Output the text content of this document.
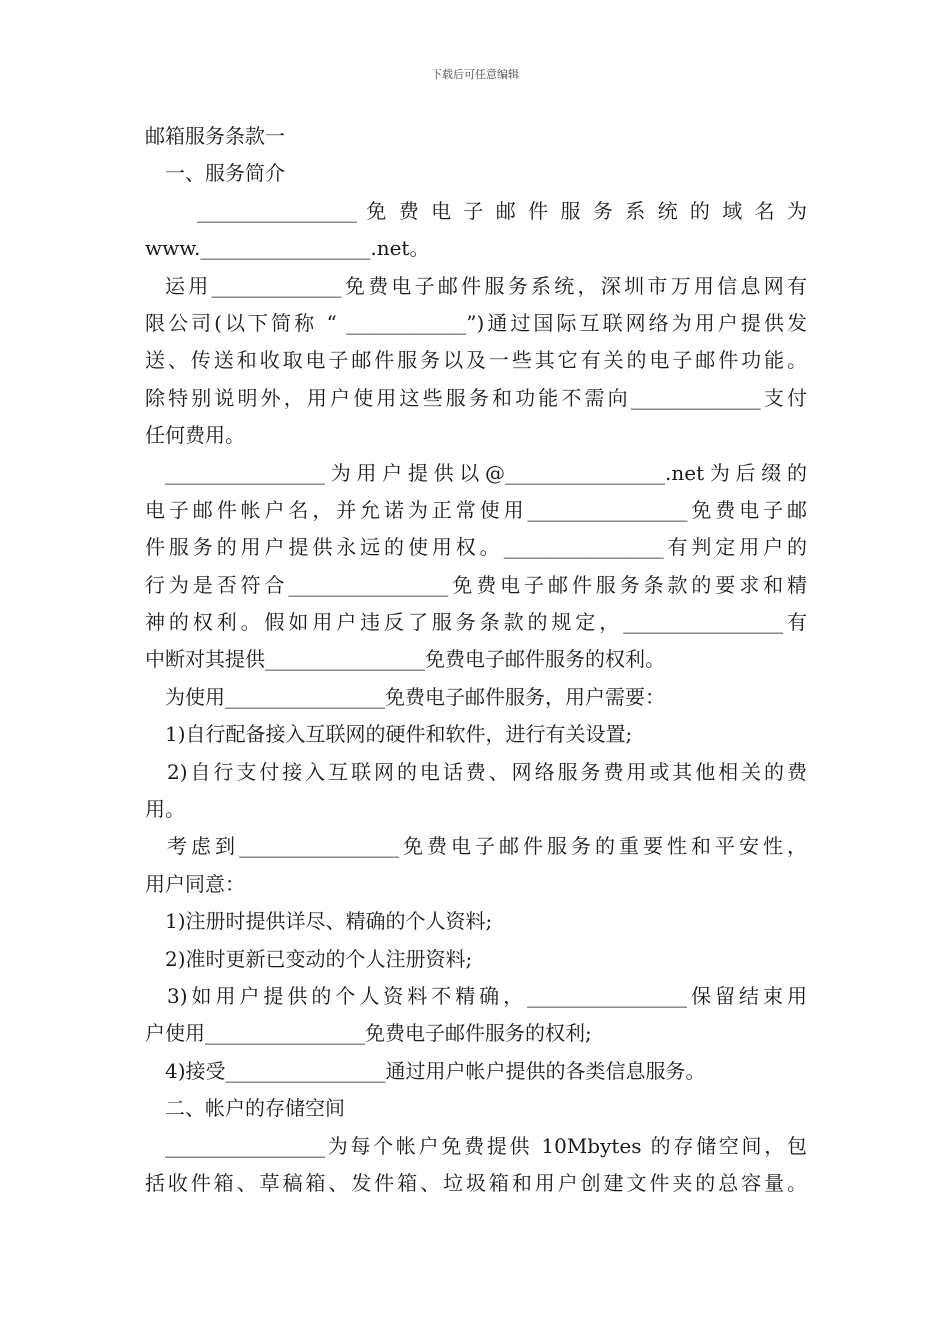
下载后可任意编辑
邮箱服务条款一
一、服务简介
________________ 免 费 电 子 邮 件 服 务 系 统 的 域 名 为
www._________________.net。
运用_____________免费电子邮件服务系统，深圳市万用信息网有
限公司(以下简称 “ ____________”)通过国际互联网络为用户提供发
送、传送和收取电子邮件服务以及一些其它有关的电子邮件功能。
除特别说明外，用户使用这些服务和功能不需向_____________支付
任何费用。
________________为用户提供以@________________.net为后缀的
电子邮件帐户名，并允诺为正常使用________________免费电子邮
件服务的用户提供永远的使用权。________________有判定用户的
行为是否符合________________免费电子邮件服务条款的要求和精
神的权利。假如用户违反了服务条款的规定，________________有
中断对其提供________________免费电子邮件服务的权利。
为使用________________免费电子邮件服务，用户需要：
1)自行配备接入互联网的硬件和软件，进行有关设置;
2)自行支付接入互联网的电话费、网络服务费用或其他相关的费
用。
考虑到________________免费电子邮件服务的重要性和平安性，
用户同意：
1)注册时提供详尽、精确的个人资料;
2)准时更新已变动的个人注册资料;
3)如用户提供的个人资料不精确，________________保留结束用
户使用________________免费电子邮件服务的权利;
4)接受________________通过用户帐户提供的各类信息服务。
二、帐户的存储空间
________________为每个帐户免费提供 10Mbytes 的存储空间，包
括收件箱、草稿箱、发件箱、垃圾箱和用户创建文件夹的总容量。
